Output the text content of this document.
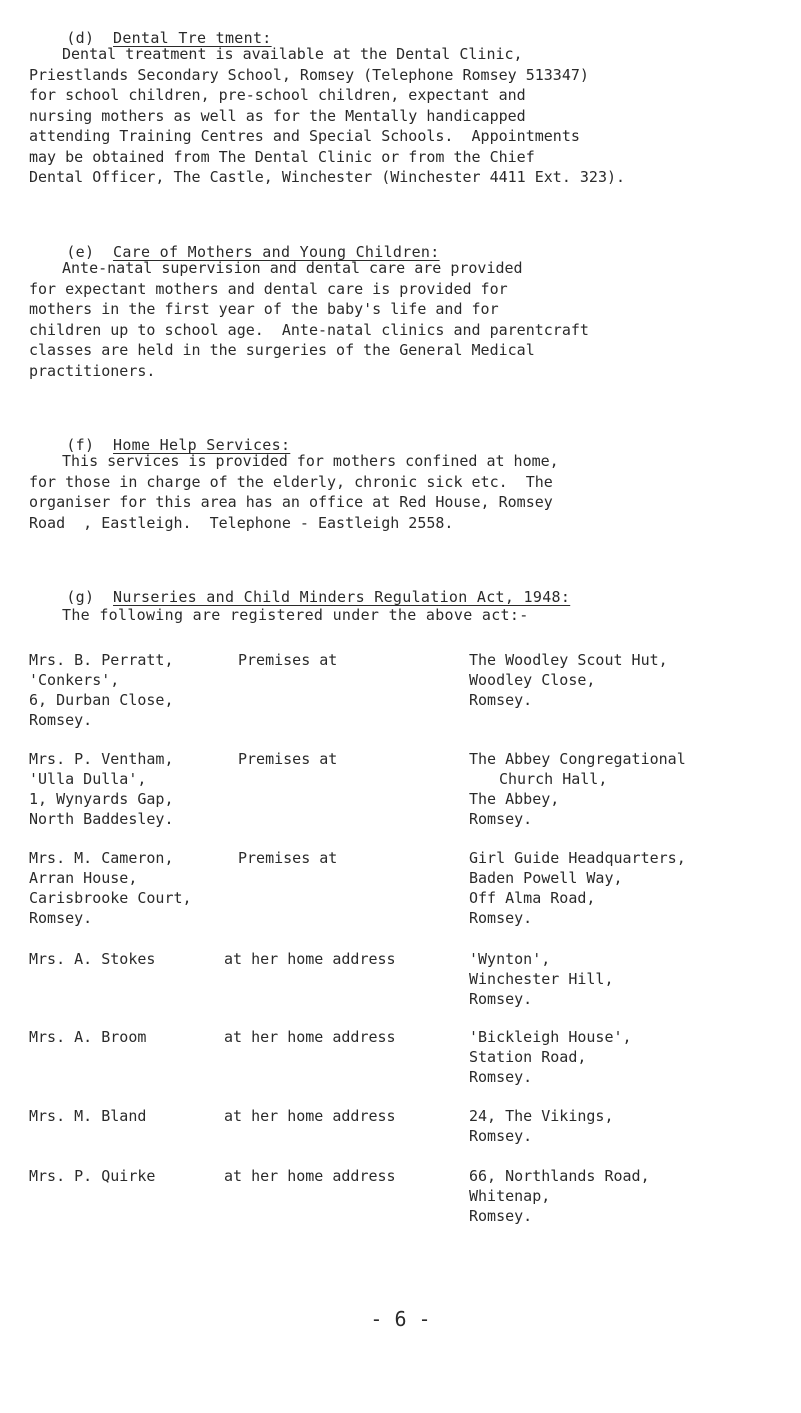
(d) Dental Tre tment:

Dental treatment is available at the Dental Clinic,
Priestlands Secondary School, Romsey (Telephone Romsey 513347)
for school children, pre-school children, expectant and
nursing mothers as well as for the Mentally handicapped
attending Training Centres and Special Schools.  Appointments
may be obtained from The Dental Clinic or from the Chief
Dental Officer, The Castle, Winchester (Winchester 4411 Ext. 323).

(e) Care of Mothers and Young Children:

Ante-natal supervision and dental care are provided
for expectant mothers and dental care is provided for
mothers in the first year of the baby's life and for
children up to school age.  Ante-natal clinics and parentcraft
classes are held in the surgeries of the General Medical
practitioners.

(f) Home Help Services:

This services is provided for mothers confined at home,
for those in charge of the elderly, chronic sick etc.  The
organiser for this area has an office at Red House, Romsey
Road  , Eastleigh.  Telephone - Eastleigh 2558.

(g) Nurseries and Child Minders Regulation Act, 1948:

The following are registered under the above act:-
Mrs. B. Perratt,	Premises at	The Woodley Scout Hut,
'Conkers',	Woodley Close,
6, Durban Close,	Romsey.
Romsey.
Mrs. P. Ventham,	Premises at	The Abbey Congregational
'Ulla Dulla',	Church Hall,
1, Wynyards Gap,	The Abbey,
North Baddesley.	Romsey.
Mrs. M. Cameron,	Premises at	Girl Guide Headquarters,
Arran House,	Baden Powell Way,
Carisbrooke Court,	Off Alma Road,
Romsey.	Romsey.
Mrs. A. Stokes	at her home address	'Wynton',
Winchester Hill,
Romsey.
Mrs. A. Broom	at her home address	'Bickleigh House',
Station Road,
Romsey.
Mrs. M. Bland	at her home address	24, The Vikings,
Romsey.
Mrs. P. Quirke	at her home address	66, Northlands Road,
Whitenap,
Romsey.
- 6 -
